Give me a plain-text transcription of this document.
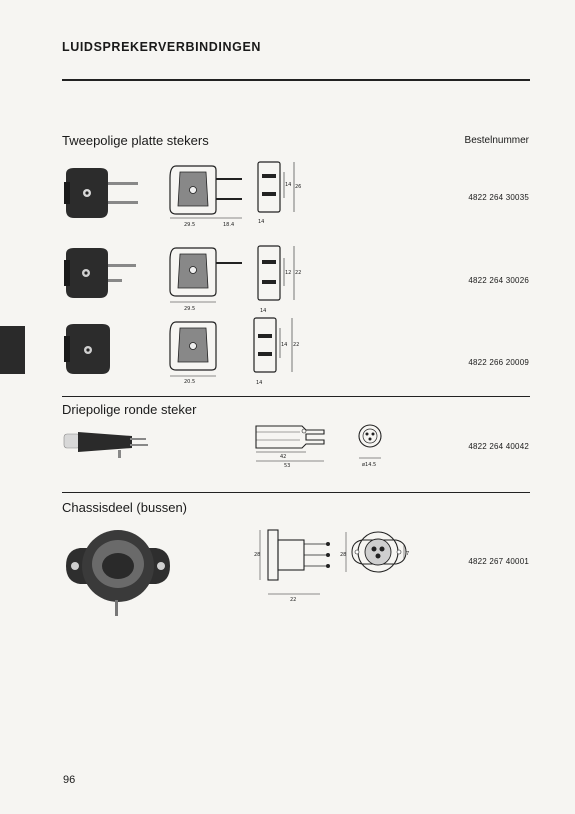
LUIDSPREKERVERBINDINGEN
Tweepolige platte stekers	Bestelnummer
29.5	18.4	14
14 26
4822 264 30035
29.5	14
12 22
4822 264 30026
20.5	14
14 22
4822 266 20009
Driepolige ronde steker
42
53	ø14.5
4822 264 40042
Chassisdeel (bussen)
28
22
28	7
4822 267 40001
96
